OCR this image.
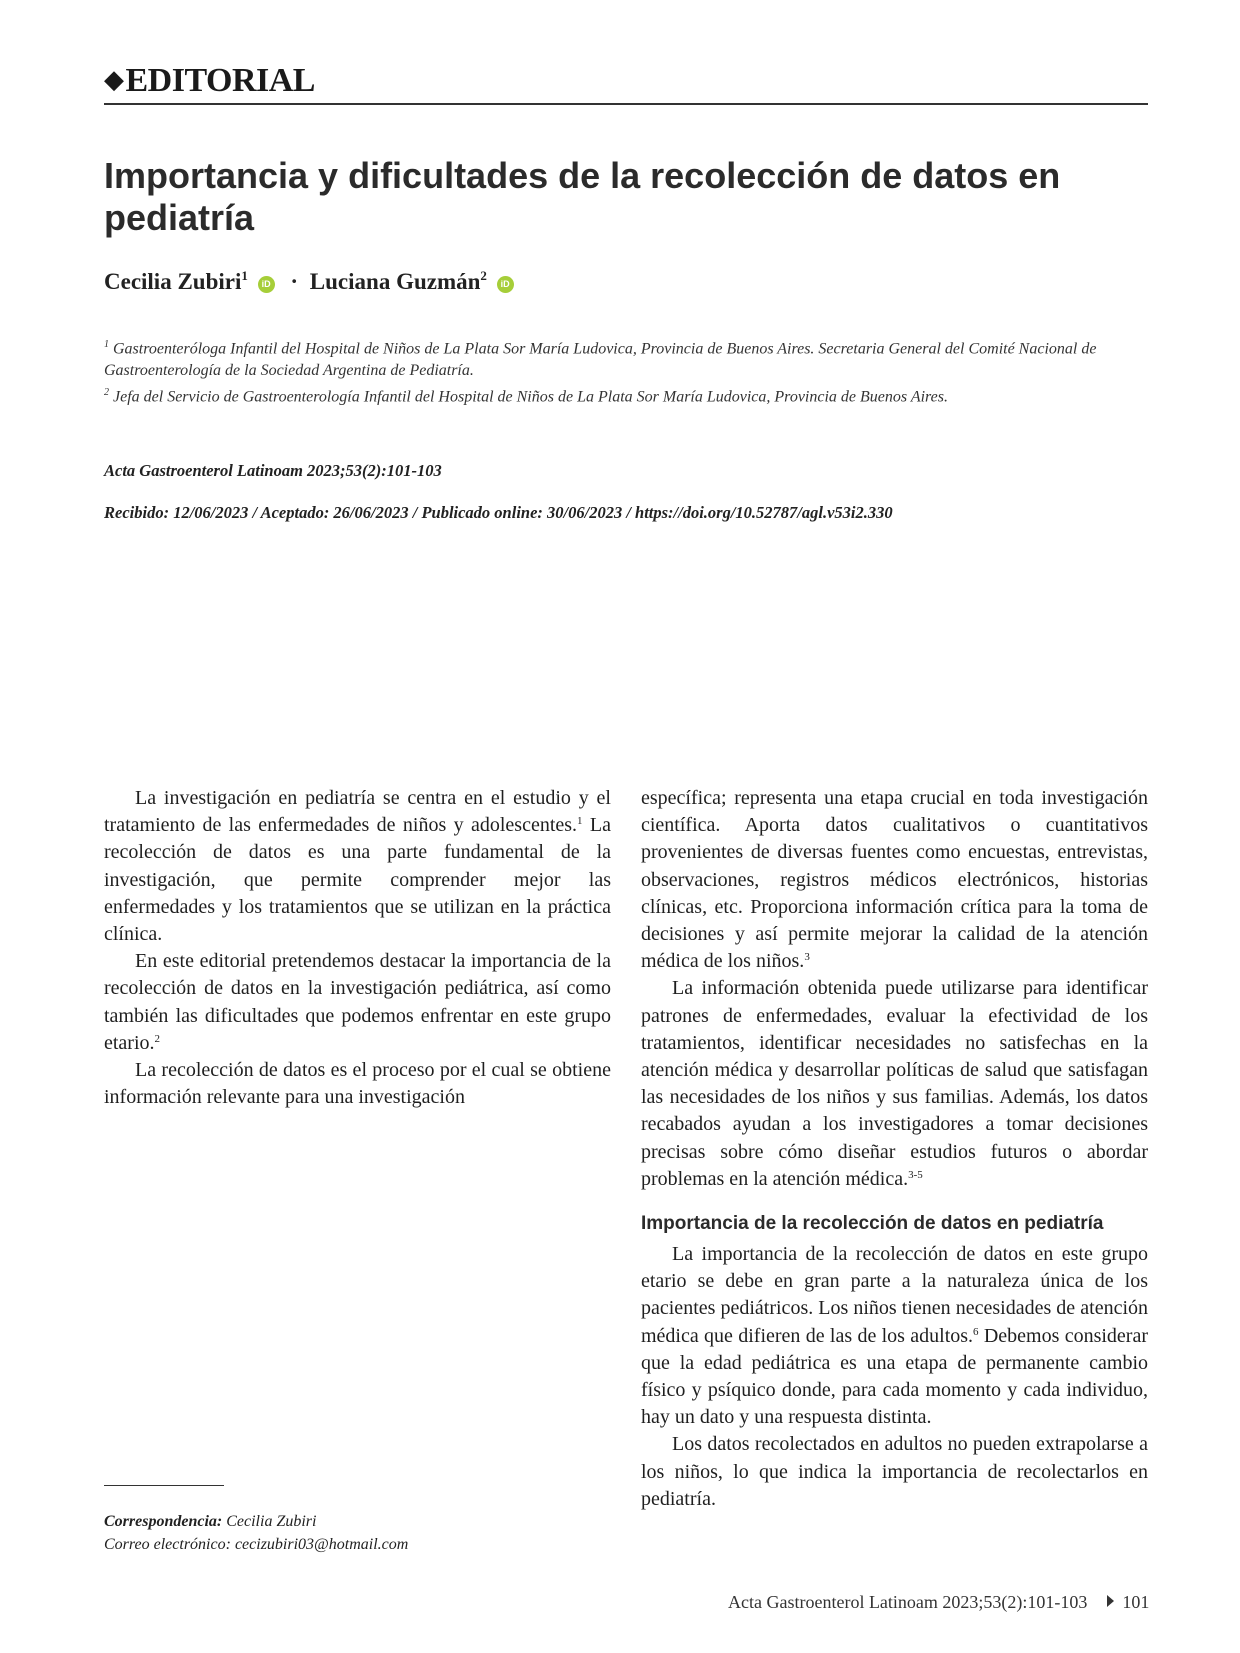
◆EDITORIAL
Importancia y dificultades de la recolección de datos en pediatría
Cecilia Zubiri$^1$ iD · Luciana Guzmán$^2$ iD
$^1$ Gastroenteróloga Infantil del Hospital de Niños de La Plata Sor María Ludovica, Provincia de Buenos Aires. Secretaria General del Comité Nacional de Gastroenterología de la Sociedad Argentina de Pediatría.
$^2$ Jefa del Servicio de Gastroenterología Infantil del Hospital de Niños de La Plata Sor María Ludovica, Provincia de Buenos Aires.
Acta Gastroenterol Latinoam 2023;53(2):101-103
Recibido: 12/06/2023 / Aceptado: 26/06/2023 / Publicado online: 30/06/2023 / https://doi.org/10.52787/agl.v53i2.330

La investigación en pediatría se centra en el estudio y el tratamiento de las enfermedades de niños y adolescentes.$^1$ La recolección de datos es una parte fundamental de la investigación, que permite comprender mejor las enfermedades y los tratamientos que se utilizan en la práctica clínica.

En este editorial pretendemos destacar la importancia de la recolección de datos en la investigación pediátrica, así como también las dificultades que podemos enfrentar en este grupo etario.$^2$

La recolección de datos es el proceso por el cual se obtiene información relevante para una investigación

específica; representa una etapa crucial en toda investigación científica. Aporta datos cualitativos o cuantitativos provenientes de diversas fuentes como encuestas, entrevistas, observaciones, registros médicos electrónicos, historias clínicas, etc. Proporciona información crítica para la toma de decisiones y así permite mejorar la calidad de la atención médica de los niños.$^3$

La información obtenida puede utilizarse para identificar patrones de enfermedades, evaluar la efectividad de los tratamientos, identificar necesidades no satisfechas en la atención médica y desarrollar políticas de salud que satisfagan las necesidades de los niños y sus familias. Además, los datos recabados ayudan a los investigadores a tomar decisiones precisas sobre cómo diseñar estudios futuros o abordar problemas en la atención médica.$^{3-5}$

Importancia de la recolección de datos en pediatría

La importancia de la recolección de datos en este grupo etario se debe en gran parte a la naturaleza única de los pacientes pediátricos. Los niños tienen necesidades de atención médica que difieren de las de los adultos.$^6$ Debemos considerar que la edad pediátrica es una etapa de permanente cambio físico y psíquico donde, para cada momento y cada individuo, hay un dato y una respuesta distinta.

Los datos recolectados en adultos no pueden extrapolarse a los niños, lo que indica la importancia de recolectarlos en pediatría.

Correspondencia: Cecilia Zubiri
Correo electrónico: cecizubiri03@hotmail.com
Acta Gastroenterol Latinoam 2023;53(2):101-103 101
